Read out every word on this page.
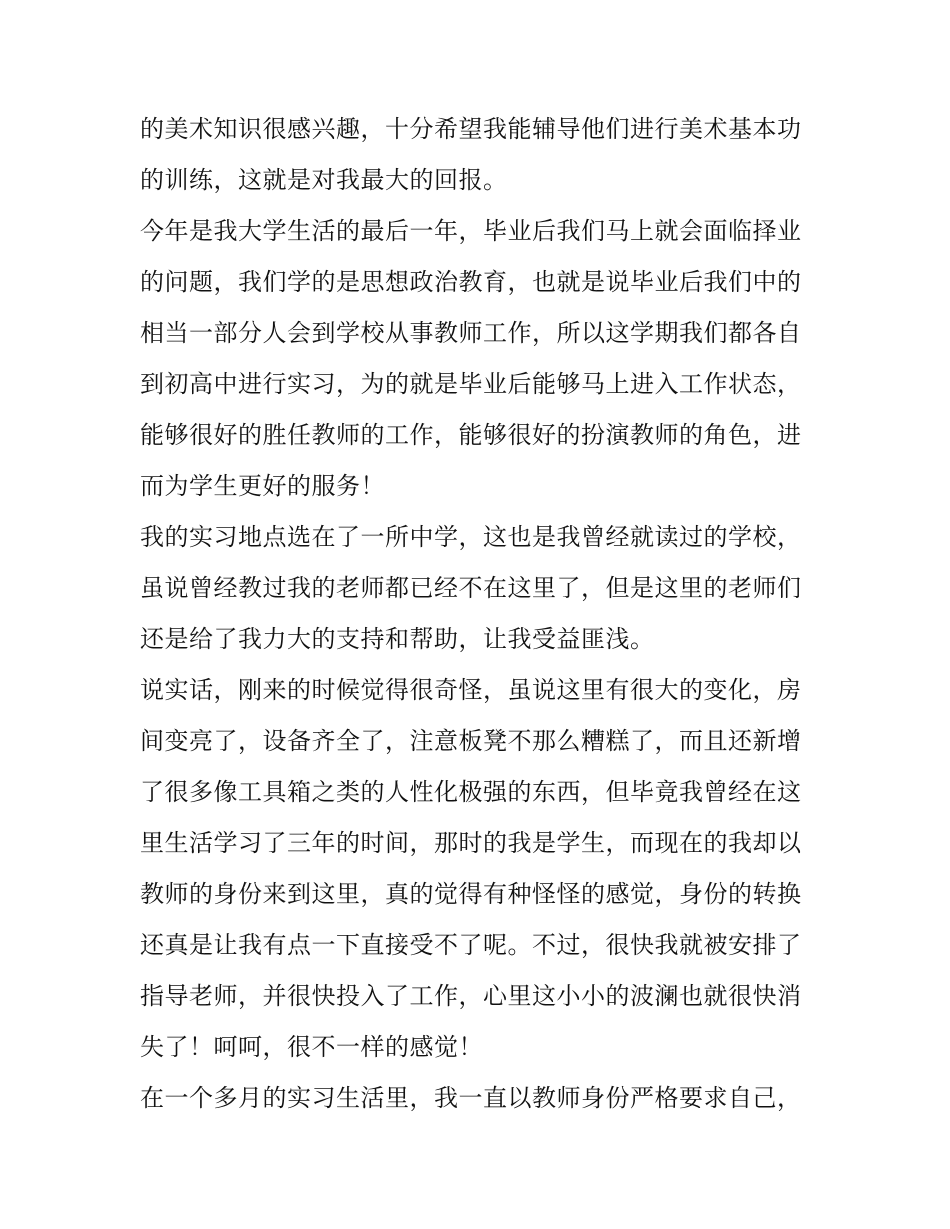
的美术知识很感兴趣，十分希望我能辅导他们进行美术基本功
的训练，这就是对我最大的回报。
今年是我大学生活的最后一年，毕业后我们马上就会面临择业
的问题，我们学的是思想政治教育，也就是说毕业后我们中的
相当一部分人会到学校从事教师工作，所以这学期我们都各自
到初高中进行实习，为的就是毕业后能够马上进入工作状态，
能够很好的胜任教师的工作，能够很好的扮演教师的角色，进
而为学生更好的服务！
我的实习地点选在了一所中学，这也是我曾经就读过的学校，
虽说曾经教过我的老师都已经不在这里了，但是这里的老师们
还是给了我力大的支持和帮助，让我受益匪浅。
说实话，刚来的时候觉得很奇怪，虽说这里有很大的变化，房
间变亮了，设备齐全了，注意板凳不那么糟糕了，而且还新增
了很多像工具箱之类的人性化极强的东西，但毕竟我曾经在这
里生活学习了三年的时间，那时的我是学生，而现在的我却以
教师的身份来到这里，真的觉得有种怪怪的感觉，身份的转换
还真是让我有点一下直接受不了呢。不过，很快我就被安排了
指导老师，并很快投入了工作，心里这小小的波澜也就很快消
失了！呵呵，很不一样的感觉！
在一个多月的实习生活里，我一直以教师身份严格要求自己，
